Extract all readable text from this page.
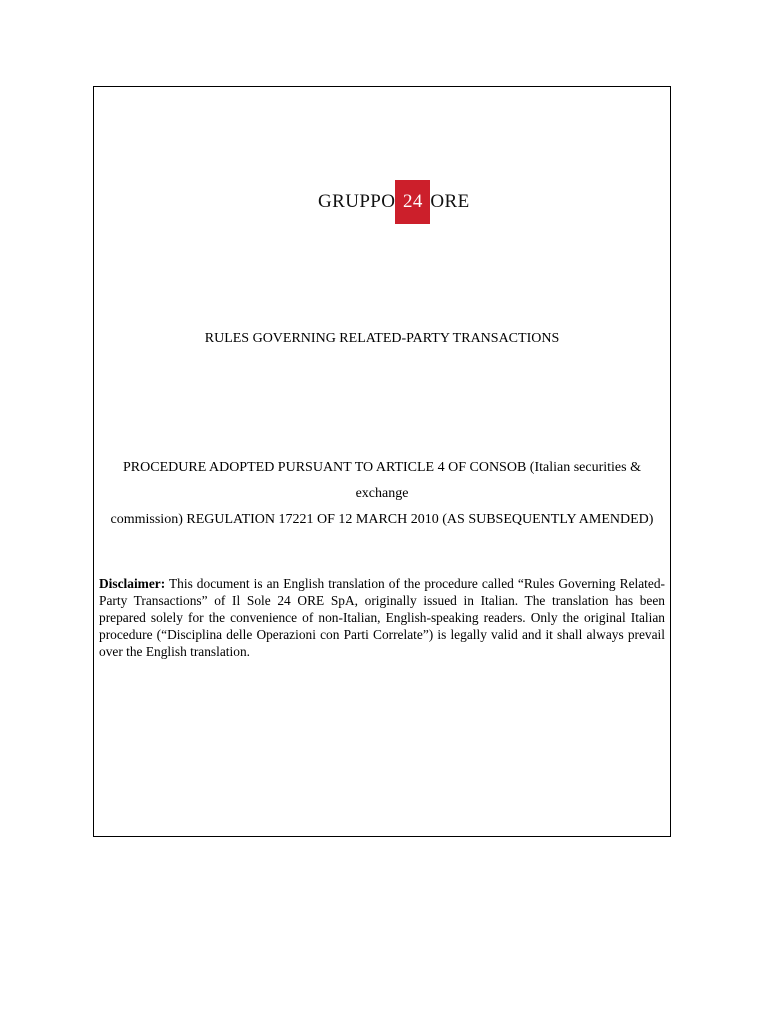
GRUPPO 24 ORE
RULES GOVERNING RELATED-PARTY TRANSACTIONS
PROCEDURE ADOPTED PURSUANT TO ARTICLE 4 OF CONSOB (Italian securities & exchange
commission) REGULATION 17221 OF 12 MARCH 2010 (AS SUBSEQUENTLY AMENDED)
Disclaimer: This document is an English translation of the procedure called “Rules Governing Related-Party Transactions” of Il Sole 24 ORE SpA, originally issued in Italian. The translation has been prepared solely for the convenience of non-Italian, English-speaking readers. Only the original Italian procedure (“Disciplina delle Operazioni con Parti Correlate”) is legally valid and it shall always prevail over the English translation.
